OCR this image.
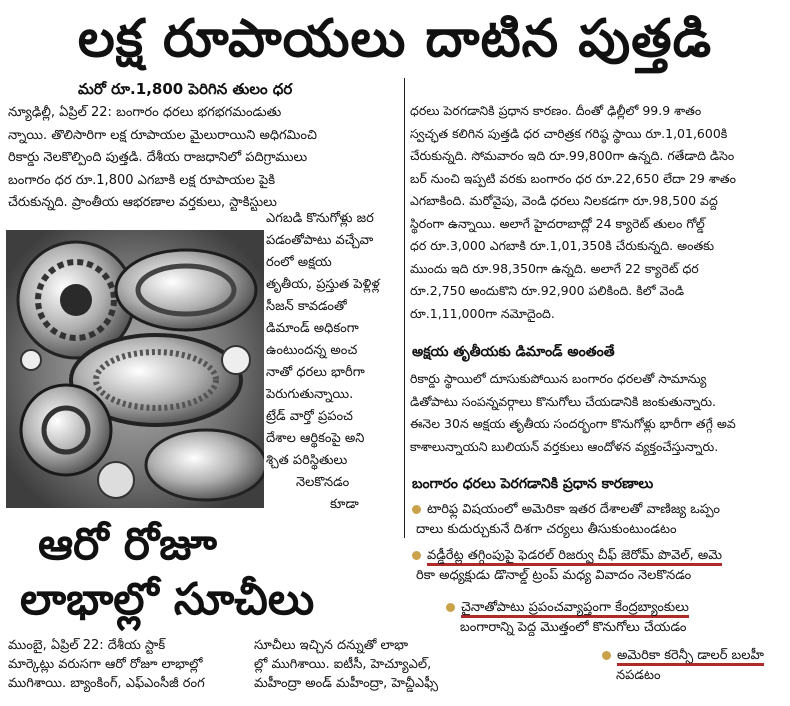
లక్ష రూపాయలు దాటిన పుత్తడి
మరో రూ.1,800 పెరిగిన తులం ధర

న్యూఢిల్లీ, ఏప్రిల్ 22: బంగారం ధరలు భగభగమండుతు

న్నాయి. తొలిసారిగా లక్ష రూపాయల మైలురాయిని అధిగమించి

రికార్డు నెలకొల్పింది పుత్తడి. దేశీయ రాజధానిలో పదిగ్రాములు

బంగారం ధర రూ.1,800 ఎగబాకి లక్ష రూపాయల పైకి

చేరుకున్నది. ప్రాంతీయ ఆభరణాల వర్తకులు, స్టాకిస్టులు

ఎగబడి కొనుగోళ్లు జర
పడంతోపాటు వచ్చేవా
రంలో అక్షయ
తృతీయ, ప్రస్తుత పెళ్లిళ్ల
సీజన్ కావడంతో
డిమాండ్ అధికంగా
ఉంటుందన్న అంచ
నాతో ధరలు భారీగా
పెరుగుతున్నాయి.
ట్రేడ్ వార్తో ప్రపంచ
దేశాల ఆర్థికంపై అని
శ్చిత పరిస్థితులు
నెలకొనడం
కూడా

ధరలు పెరగడానికి ప్రధాన కారణం. దీంతో ఢిల్లీలో 99.9 శాతం

స్వచ్ఛత కలిగిన పుత్తడి ధర చారిత్రక గరిష్ఠ స్థాయి రూ.1,01,600కి

చేరుకున్నది. సోమవారం ఇది రూ.99,800గా ఉన్నది. గతేడాది డిసెం

బర్ నుంచి ఇప్పటి వరకు బంగారం ధర రూ.22,650 లేదా 29 శాతం

ఎగబాకింది. మరోవైపు, వెండి ధరలు నిలకడగా రూ.98,500 వద్ద

స్థిరంగా ఉన్నాయి. అలాగే హైదరాబాద్లో 24 క్యారెట్ తులం గోల్డ్

ధర రూ.3,000 ఎగబాకి రూ.1,01,350కి చేరుకున్నది. అంతకు

ముందు ఇది రూ.98,350గా ఉన్నది. అలాగే 22 క్యారెట్ ధర

రూ.2,750 అందుకొని రూ.92,900 పలికింది. కిలో వెండి

రూ.1,11,000గా నమోదైంది.

అక్షయ తృతీయకు డిమాండ్ అంతంతే

రికార్డు స్థాయిలో దూసుకుపోయిన బంగారం ధరలతో సామాన్యు

డితోపాటు సంపన్నవర్గాలు కొనుగోలు చేయడానికి జంకుతున్నారు.

ఈనెల 30న అక్షయ తృతీయ సందర్భంగా కొనుగోళ్లు భారీగా తగ్గే అవ

కాశాలున్నాయని బులియన్ వర్తకులు ఆందోళన వ్యక్తంచేస్తున్నారు.

బంగారం ధరలు పెరగడానికి ప్రధాన కారణాలు
టారిఫ్ల విషయంలో అమెరికా ఇతర దేశాలతో వాణిజ్య ఒప్పం
దాలు కుదుర్చుకునే దిశగా చర్యలు తీసుకుంటుండటం
వడ్డీరేట్ల తగ్గింపుపై ఫెడరల్ రిజర్వు చీఫ్ జెరోమ్ పొవెల్, అమె
రికా అధ్యక్షుడు డొనాల్డ్ ట్రంప్ మధ్య వివాదం నెలకొనడం
చైనాతోపాటు ప్రపంచవ్యాప్తంగా కేంద్రబ్యాంకులు
బంగారాన్ని పెద్ద మొత్తంలో కొనుగోలు చేయడం
అమెరికా కరెన్సీ డాలర్ బలహీ
నపడటం
ఆరో రోజూ
లాభాల్లో సూచీలు
ముంబై, ఏప్రిల్ 22: దేశీయ స్టాక్
మార్కెట్లు వరుసగా ఆరో రోజూ లాభాల్లో
ముగిశాయి. బ్యాంకింగ్, ఎఫ్ఎంసీజీ రంగ
సూచీలు ఇచ్చిన దన్నుతో లాభా
ల్లో ముగిశాయి. ఐటీసీ, హెచ్యూఎల్,
మహీంద్రా అండ్ మహీంద్రా, హెచ్డీఎఫ్సీ
